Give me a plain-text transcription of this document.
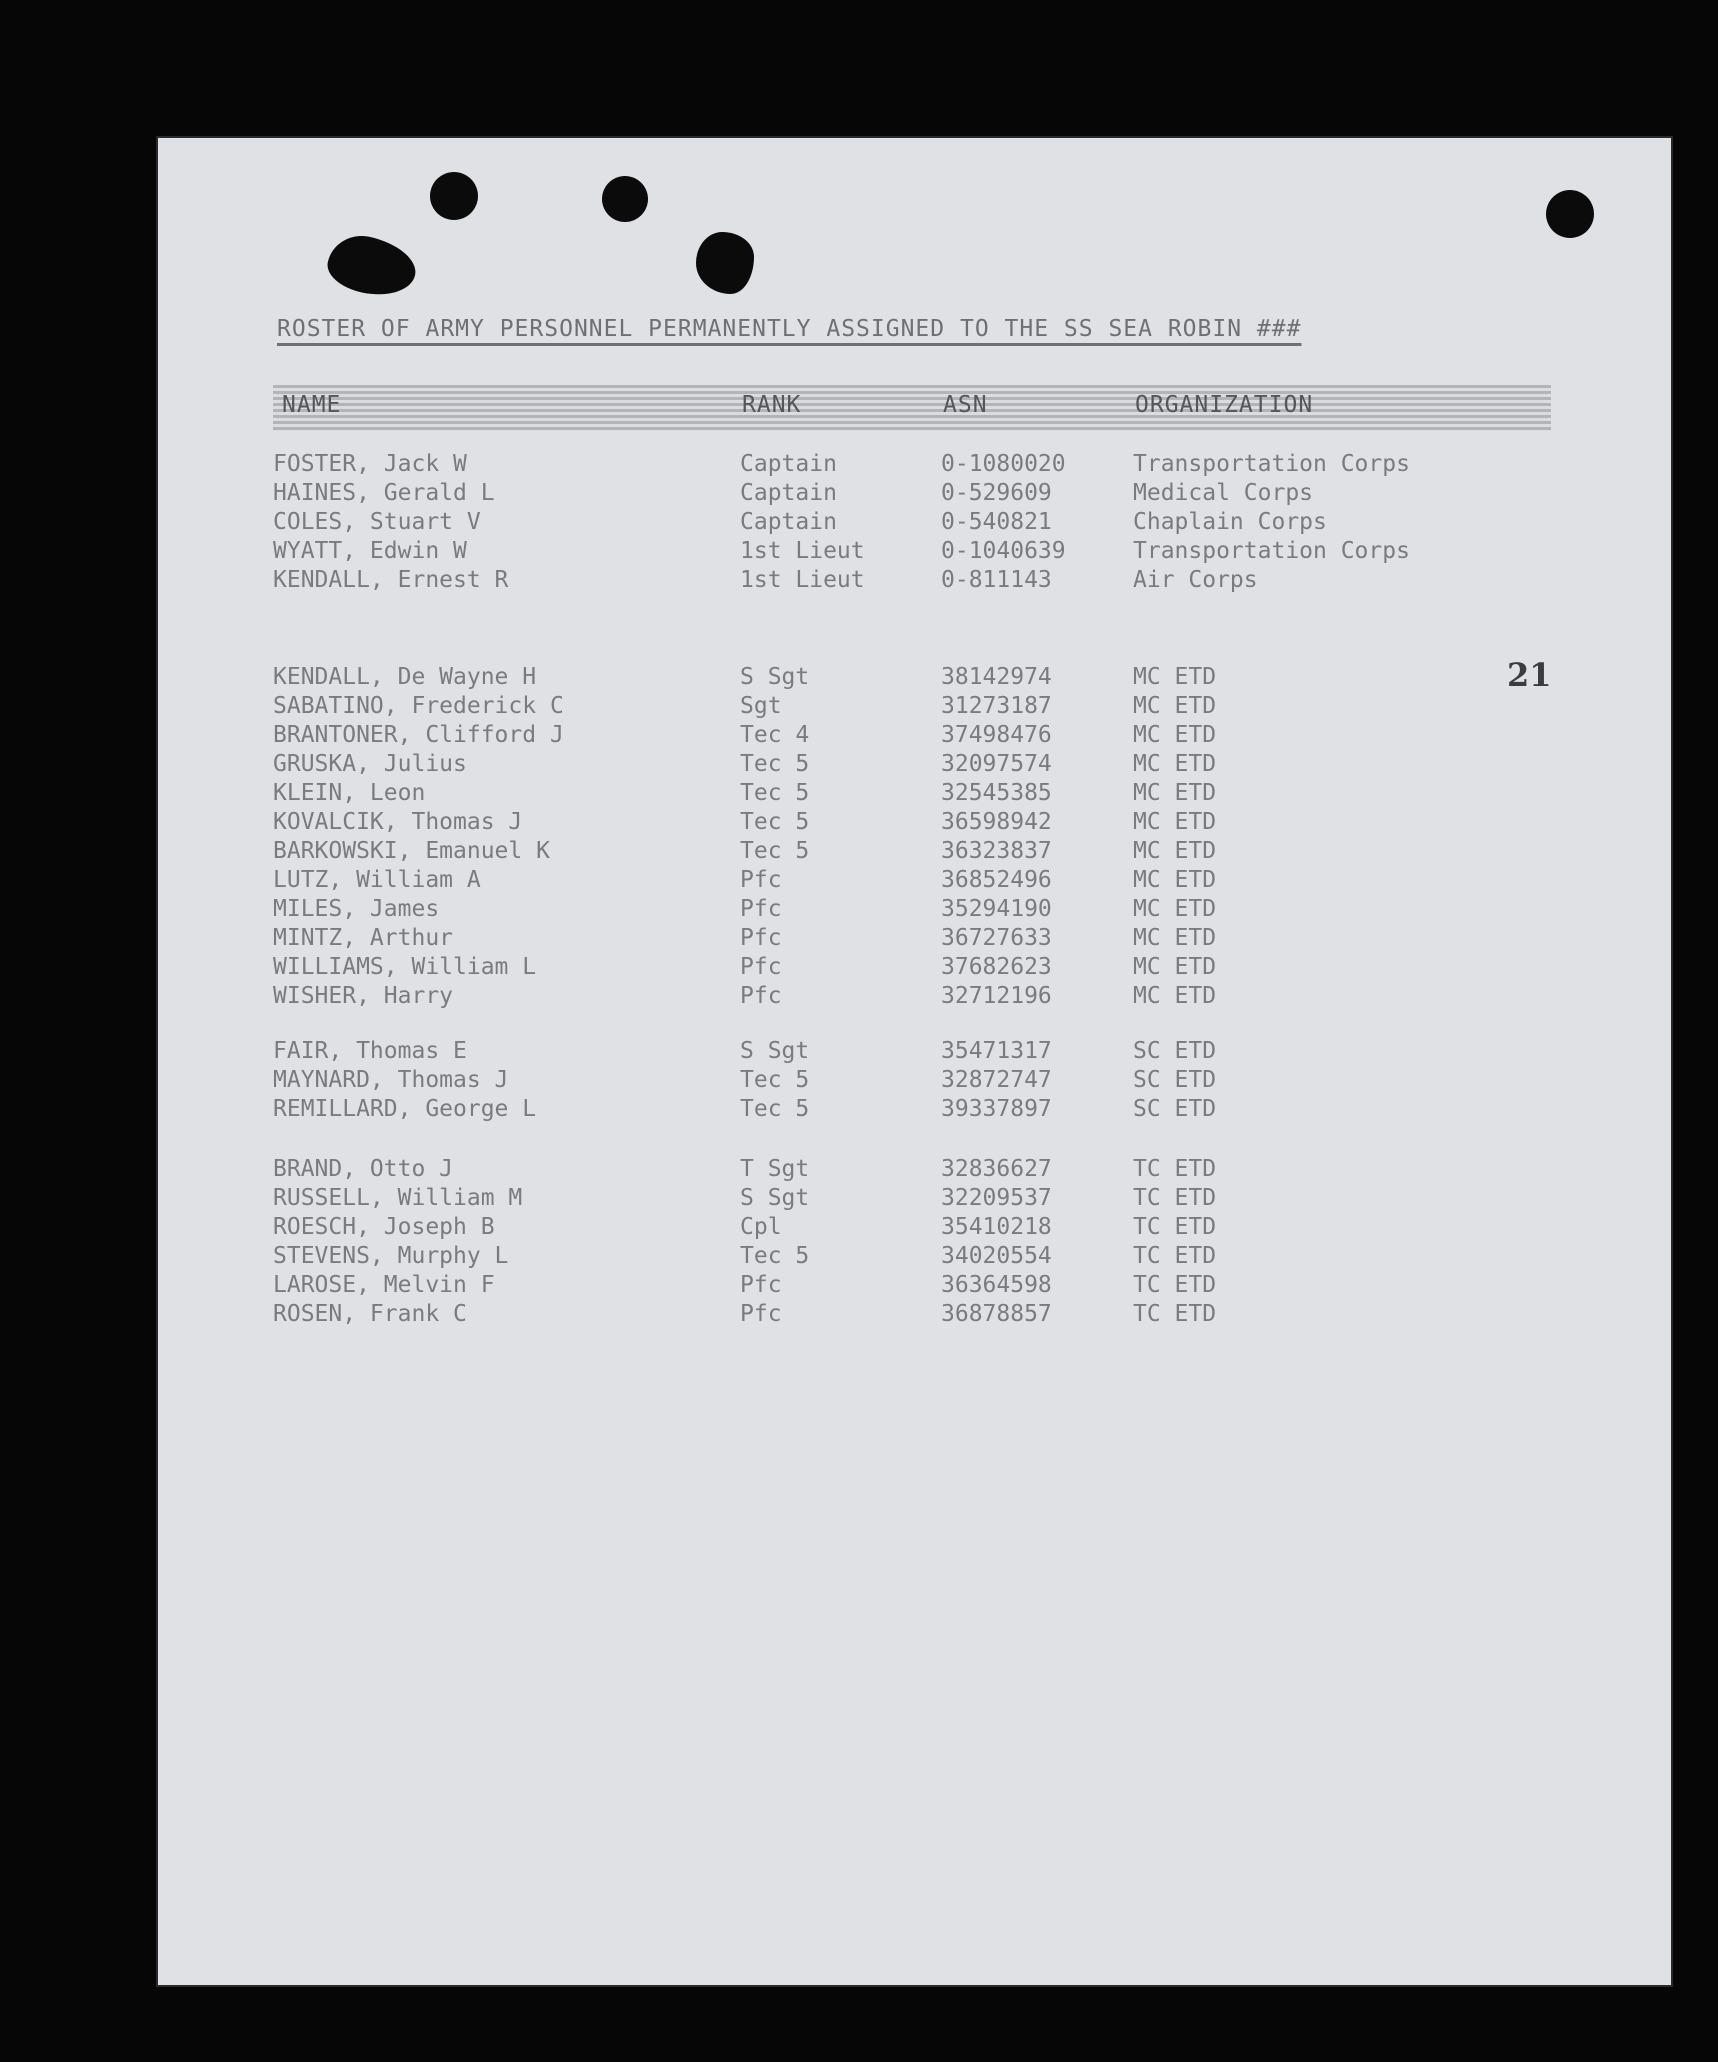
ROSTER OF ARMY PERSONNEL PERMANENTLY ASSIGNED TO THE SS SEA ROBIN ###
NAME	RANK	ASN	ORGANIZATION
21
FOSTER, Jack W	Captain	0-1080020	Transportation Corps
HAINES, Gerald L	Captain	0-529609	Medical Corps
COLES, Stuart V	Captain	0-540821	Chaplain Corps
WYATT, Edwin W	1st Lieut	0-1040639	Transportation Corps
KENDALL, Ernest R	1st Lieut	0-811143	Air Corps
KENDALL, De Wayne H	S Sgt	38142974	MC ETD
SABATINO, Frederick C	Sgt	31273187	MC ETD
BRANTONER, Clifford J	Tec 4	37498476	MC ETD
GRUSKA, Julius	Tec 5	32097574	MC ETD
KLEIN, Leon	Tec 5	32545385	MC ETD
KOVALCIK, Thomas J	Tec 5	36598942	MC ETD
BARKOWSKI, Emanuel K	Tec 5	36323837	MC ETD
LUTZ, William A	Pfc	36852496	MC ETD
MILES, James	Pfc	35294190	MC ETD
MINTZ, Arthur	Pfc	36727633	MC ETD
WILLIAMS, William L	Pfc	37682623	MC ETD
WISHER, Harry	Pfc	32712196	MC ETD
FAIR, Thomas E	S Sgt	35471317	SC ETD
MAYNARD, Thomas J	Tec 5	32872747	SC ETD
REMILLARD, George L	Tec 5	39337897	SC ETD
BRAND, Otto J	T Sgt	32836627	TC ETD
RUSSELL, William M	S Sgt	32209537	TC ETD
ROESCH, Joseph B	Cpl	35410218	TC ETD
STEVENS, Murphy L	Tec 5	34020554	TC ETD
LAROSE, Melvin F	Pfc	36364598	TC ETD
ROSEN, Frank C	Pfc	36878857	TC ETD
